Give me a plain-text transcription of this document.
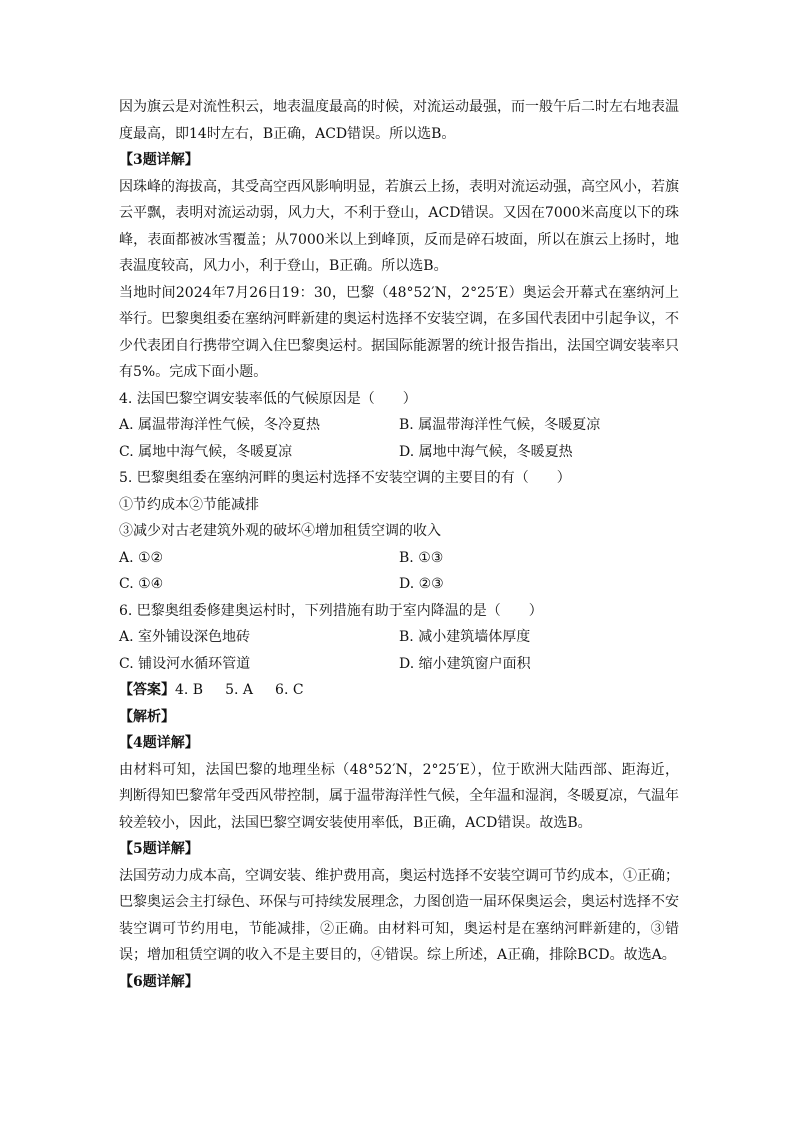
因为旗云是对流性积云，地表温度最高的时候，对流运动最强，而一般午后二时左右地表温度最高，即14时左右，B正确，ACD错误。所以选B。

【3题详解】

因珠峰的海拔高，其受高空西风影响明显，若旗云上扬，表明对流运动强，高空风小，若旗云平飘，表明对流运动弱，风力大，不利于登山，ACD错误。又因在7000米高度以下的珠峰，表面都被冰雪覆盖；从7000米以上到峰顶，反而是碎石坡面，所以在旗云上扬时，地表温度较高，风力小，利于登山，B正确。所以选B。

当地时间2024年7月26日19：30，巴黎（48°52′N，2°25′E）奥运会开幕式在塞纳河上举行。巴黎奥组委在塞纳河畔新建的奥运村选择不安装空调，在多国代表团中引起争议，不少代表团自行携带空调入住巴黎奥运村。据国际能源署的统计报告指出，法国空调安装率只有5%。完成下面小题。

4. 法国巴黎空调安装率低的气候原因是（　　）

A. 属温带海洋性气候，冬冷夏热	B. 属温带海洋性气候，冬暖夏凉
C. 属地中海气候，冬暖夏凉	D. 属地中海气候，冬暖夏热

5. 巴黎奥组委在塞纳河畔的奥运村选择不安装空调的主要目的有（　　）

①节约成本②节能减排

③减少对古老建筑外观的破坏④增加租赁空调的收入

A. ①②	B. ①③
C. ①④	D. ②③

6. 巴黎奥组委修建奥运村时，下列措施有助于室内降温的是（　　）

A. 室外铺设深色地砖	B. 减小建筑墙体厚度
C. 铺设河水循环管道	D. 缩小建筑窗户面积

【答案】4. B 5. A 6. C

【解析】

【4题详解】

由材料可知，法国巴黎的地理坐标（48°52′N，2°25′E），位于欧洲大陆西部、距海近，判断得知巴黎常年受西风带控制，属于温带海洋性气候，全年温和湿润，冬暖夏凉，气温年较差较小，因此，法国巴黎空调安装使用率低，B正确，ACD错误。故选B。

【5题详解】

法国劳动力成本高，空调安装、维护费用高，奥运村选择不安装空调可节约成本，①正确；巴黎奥运会主打绿色、环保与可持续发展理念，力图创造一届环保奥运会，奥运村选择不安装空调可节约用电，节能减排，②正确。由材料可知，奥运村是在塞纳河畔新建的，③错误；增加租赁空调的收入不是主要目的，④错误。综上所述，A正确，排除BCD。故选A。

【6题详解】
